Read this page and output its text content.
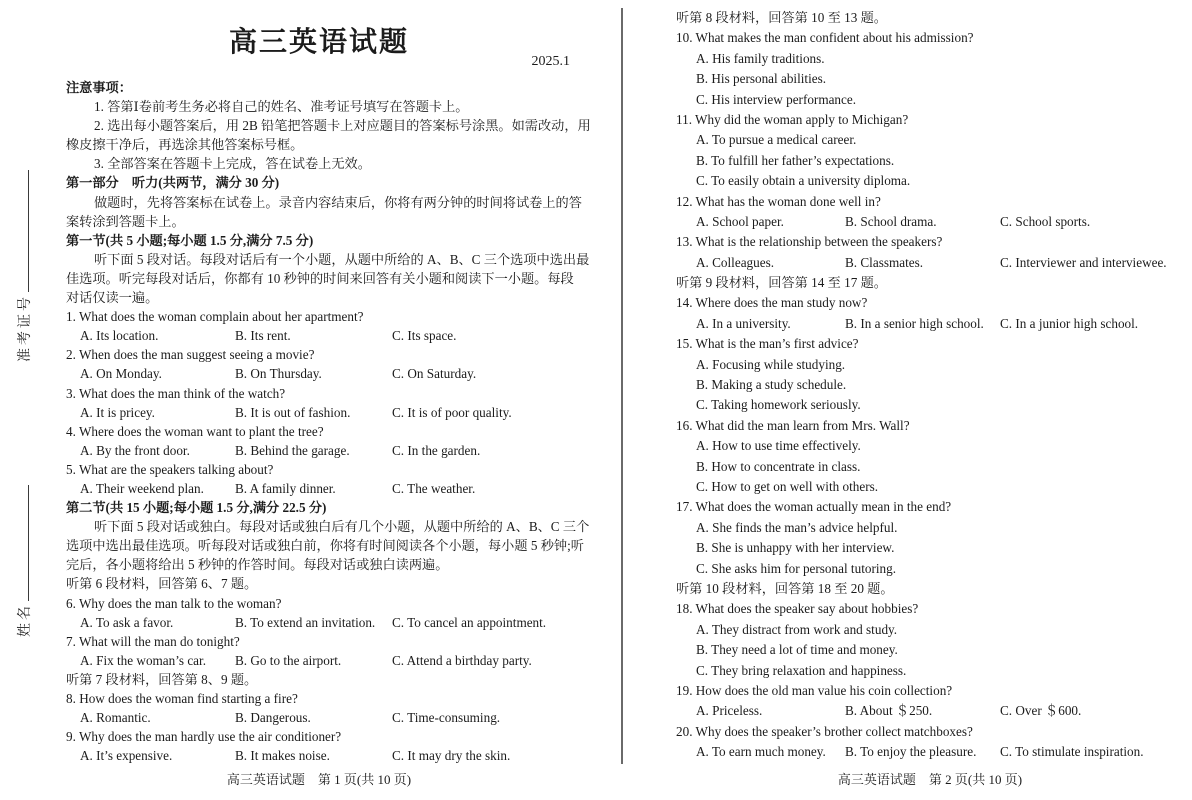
准考证号
姓名
高三英语试题
2025.1
注意事项：
1. 答第Ⅰ卷前考生务必将自己的姓名、准考证号填写在答题卡上。
2. 选出每小题答案后，用 2B 铅笔把答题卡上对应题目的答案标号涂黑。如需改动，用
橡皮擦干净后，再选涂其他答案标号框。
3. 全部答案在答题卡上完成，答在试卷上无效。
第一部分　听力(共两节，满分 30 分)
做题时，先将答案标在试卷上。录音内容结束后，你将有两分钟的时间将试卷上的答
案转涂到答题卡上。
第一节(共 5 小题;每小题 1.5 分,满分 7.5 分)
听下面 5 段对话。每段对话后有一个小题，从题中所给的 A、B、C 三个选项中选出最
佳选项。听完每段对话后，你都有 10 秒钟的时间来回答有关小题和阅读下一小题。每段
对话仅读一遍。
1. What does the woman complain about her apartment?
A. Its location.	B. Its rent.	C. Its space.
2. When does the man suggest seeing a movie?
A. On Monday.	B. On Thursday.	C. On Saturday.
3. What does the man think of the watch?
A. It is pricey.	B. It is out of fashion.	C. It is of poor quality.
4. Where does the woman want to plant the tree?
A. By the front door.	B. Behind the garage.	C. In the garden.
5. What are the speakers talking about?
A. Their weekend plan.	B. A family dinner.	C. The weather.
第二节(共 15 小题;每小题 1.5 分,满分 22.5 分)
听下面 5 段对话或独白。每段对话或独白后有几个小题，从题中所给的 A、B、C 三个
选项中选出最佳选项。听每段对话或独白前，你将有时间阅读各个小题，每小题 5 秒钟;听
完后，各小题将给出 5 秒钟的作答时间。每段对话或独白读两遍。
听第 6 段材料，回答第 6、7 题。
6. Why does the man talk to the woman?
A. To ask a favor.	B. To extend an invitation.	C. To cancel an appointment.
7. What will the man do tonight?
A. Fix the woman’s car.	B. Go to the airport.	C. Attend a birthday party.
听第 7 段材料，回答第 8、9 题。
8. How does the woman find starting a fire?
A. Romantic.	B. Dangerous.	C. Time-consuming.
9. Why does the man hardly use the air conditioner?
A. It’s expensive.	B. It makes noise.	C. It may dry the skin.
听第 8 段材料，回答第 10 至 13 题。
10. What makes the man confident about his admission?
A. His family traditions.
B. His personal abilities.
C. His interview performance.
11. Why did the woman apply to Michigan?
A. To pursue a medical career.
B. To fulfill her father’s expectations.
C. To easily obtain a university diploma.
12. What has the woman done well in?
A. School paper.	B. School drama.	C. School sports.
13. What is the relationship between the speakers?
A. Colleagues.	B. Classmates.	C. Interviewer and interviewee.
听第 9 段材料，回答第 14 至 17 题。
14. Where does the man study now?
A. In a university.	B. In a senior high school.	C. In a junior high school.
15. What is the man’s first advice?
A. Focusing while studying.
B. Making a study schedule.
C. Taking homework seriously.
16. What did the man learn from Mrs. Wall?
A. How to use time effectively.
B. How to concentrate in class.
C. How to get on well with others.
17. What does the woman actually mean in the end?
A. She finds the man’s advice helpful.
B. She is unhappy with her interview.
C. She asks him for personal tutoring.
听第 10 段材料，回答第 18 至 20 题。
18. What does the speaker say about hobbies?
A. They distract from work and study.
B. They need a lot of time and money.
C. They bring relaxation and happiness.
19. How does the old man value his coin collection?
A. Priceless.	B. About ＄250.	C. Over ＄600.
20. Why does the speaker’s brother collect matchboxes?
A. To earn much money.	B. To enjoy the pleasure.	C. To stimulate inspiration.
高三英语试题　第 1 页(共 10 页)	高三英语试题　第 2 页(共 10 页)
